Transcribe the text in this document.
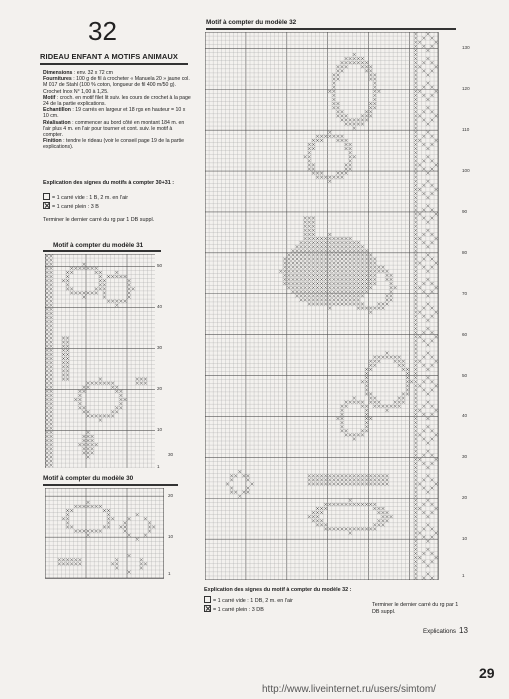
32
RIDEAU ENFANT A MOTIFS ANIMAUX

Dimensions : env. 32 x 72 cm

Fournitures : 100 g de fil à crocheter « Manuela 20 » jaune col. M 017 de Stahl (100 % coton, longueur de fil 400 m/50 g). Crochet Inox N° 1,00 à 1,25.

Motif : croch. en motif filet lit suiv. les cours de crochet à la page 24 de la partie explications.

Echantillon : 19 carrés en largeur et 18 rgs en hauteur = 10 x 10 cm.

Réalisation : commencer au bord côté en montant 184 m. en l'air plus 4 m. en l'air pour tourner et cont. suiv. le motif à compter.

Finition : tendre le rideau (voir le conseil page 19 de la partie explications).

Explication des signes du motifs à compter 30+31 :
= 1 carré vide : 1 B, 2 m. en l'air
= 1 carré plein : 3 B
Terminer le dernier carré du rg par 1 DB suppl.
Motif à compter du modèle 31
50
40
30
20
10
1
Motif à compter du modèle 30
30
20
10
1
Motif à compter du modèle 32
130
120
110
100
90
80
70
60
50
40
30
20
10
1
Explication des signes du motif à compter du modèle 32 :
= 1 carré vide : 1 DB, 2 m. en l'air
= 1 carré plein : 3 DB
Terminer le dernier carré du rg par 1 DB suppl.
Explications 13
29
http://www.liveinternet.ru/users/simtom/
